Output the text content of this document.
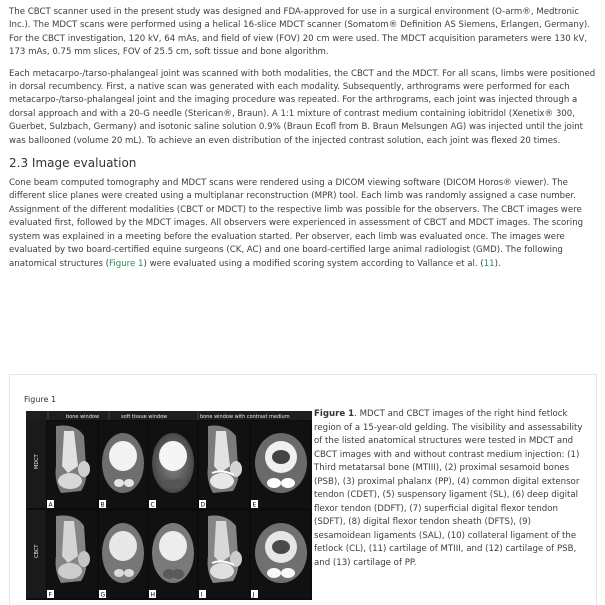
The CBCT scanner used in the present study was designed and FDA-approved for use in a surgical environment (O-arm®, Medtronic Inc.). The MDCT scans were performed using a helical 16-slice MDCT scanner (Somatom® Definition AS Siemens, Erlangen, Germany). For the CBCT investigation, 120 kV, 64 mAs, and field of view (FOV) 20 cm were used. The MDCT acquisition parameters were 130 kV, 173 mAs, 0.75 mm slices, FOV of 25.5 cm, soft tissue and bone algorithm.

Each metacarpo-/tarso-phalangeal joint was scanned with both modalities, the CBCT and the MDCT. For all scans, limbs were positioned in dorsal recumbency. First, a native scan was generated with each modality. Subsequently, arthrograms were performed for each metacarpo-/tarso-phalangeal joint and the imaging procedure was repeated. For the arthrograms, each joint was injected through a dorsal approach and with a 20-G needle (Sterican®, Braun). A 1:1 mixture of contrast medium containing iobitridol (Xenetix® 300, Guerbet, Sulzbach, Germany) and isotonic saline solution 0.9% (Braun Ecofl from B. Braun Melsungen AG) was injected until the joint was ballooned (volume 20 mL). To achieve an even distribution of the injected contrast solution, each joint was flexed 20 times.

2.3 Image evaluation

Cone beam computed tomography and MDCT scans were rendered using a DICOM viewing software (DICOM Horos® viewer). The different slice planes were created using a multiplanar reconstruction (MPR) tool. Each limb was randomly assigned a case number. Assignment of the different modalities (CBCT or MDCT) to the respective limb was possible for the observers. The CBCT images were evaluated first, followed by the MDCT images. All observers were experienced in assessment of CBCT and MDCT images. The scoring system was explained in a meeting before the evaluation started. Per observer, each limb was evaluated once. The images were evaluated by two board-certified equine surgeons (CK, AC) and one board-certified large animal radiologist (GMD). The following anatomical structures (Figure 1) were evaluated using a modified scoring system according to Vallance et al. (11).

Figure 1
bone window	soft tissue window	bone window with contrast medium
MDCT
CBCT
A	B	C	D	E
F	G	H	I	J

Figure 1. MDCT and CBCT images of the right hind fetlock region of a 15-year-old gelding. The visibility and assessability of the listed anatomical structures were tested in MDCT and CBCT images with and without contrast medium injection: (1) Third metatarsal bone (MTIII), (2) proximal sesamoid bones (PSB), (3) proximal phalanx (PP), (4) common digital extensor tendon (CDET), (5) suspensory ligament (SL), (6) deep digital flexor tendon (DDFT), (7) superficial digital flexor tendon (SDFT), (8) digital flexor tendon sheath (DFTS), (9) sesamoidean ligaments (SAL), (10) collateral ligament of the fetlock (CL), (11) cartilage of MTIII, and (12) cartilage of PSB, and (13) cartilage of PP.
